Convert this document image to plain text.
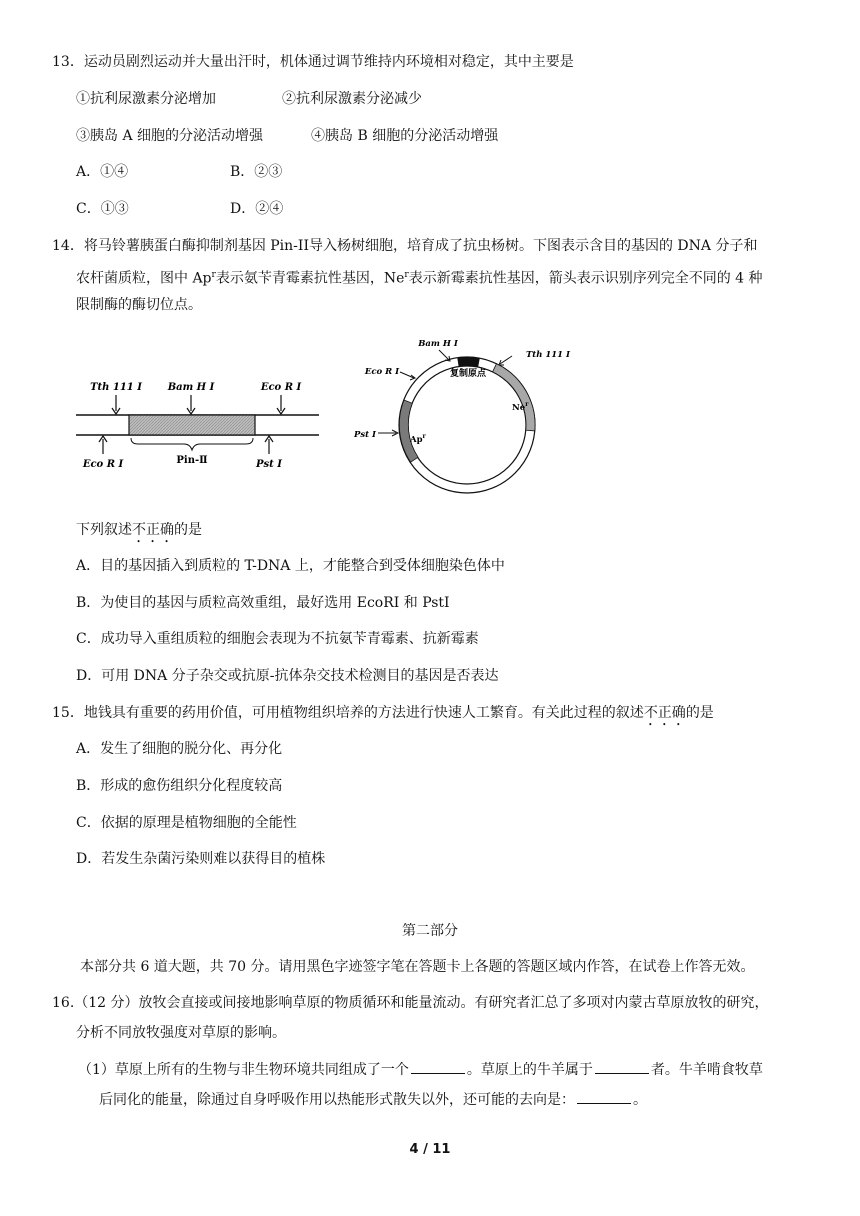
13．运动员剧烈运动并大量出汗时，机体通过调节维持内环境相对稳定，其中主要是
①抗利尿激素分泌增加	②抗利尿激素分泌减少
③胰岛 A 细胞的分泌活动增强	④胰岛 B 细胞的分泌活动增强
A．①④	B．②③
C．①③	D．②④
14．将马铃薯胰蛋白酶抑制剂基因 Pin-II导入杨树细胞，培育成了抗虫杨树。下图表示含目的基因的 DNA 分子和
农杆菌质粒，图中 Ap$^r$表示氨苄青霉素抗性基因，Ne$^r$表示新霉素抗性基因，箭头表示识别序列完全不同的 4 种
限制酶的酶切位点。
Tth 111 Ⅰ	Bam H Ⅰ	Eco R Ⅰ
Eco R Ⅰ	Pin-Ⅱ	Pst Ⅰ
Bam H Ⅰ
Eco R Ⅰ
Tth 111 Ⅰ
Pst Ⅰ
复制原点
Ne$^r$
Ap$^r$
下列叙述不正确的是
A．目的基因插入到质粒的 T-DNA 上，才能整合到受体细胞染色体中
B．为使目的基因与质粒高效重组，最好选用 EcoRI 和 PstI
C．成功导入重组质粒的细胞会表现为不抗氨苄青霉素、抗新霉素
D．可用 DNA 分子杂交或抗原-抗体杂交技术检测目的基因是否表达
15．地钱具有重要的药用价值，可用植物组织培养的方法进行快速人工繁育。有关此过程的叙述不正确的是
A．发生了细胞的脱分化、再分化
B．形成的愈伤组织分化程度较高
C．依据的原理是植物细胞的全能性
D．若发生杂菌污染则难以获得目的植株
第二部分
本部分共 6 道大题，共 70 分。请用黑色字迹签字笔在答题卡上各题的答题区域内作答，在试卷上作答无效。
16.（12 分）放牧会直接或间接地影响草原的物质循环和能量流动。有研究者汇总了多项对内蒙古草原放牧的研究，
分析不同放牧强度对草原的影响。
（1）草原上所有的生物与非生物环境共同组成了一个	。草原上的牛羊属于	者。牛羊啃食牧草
后同化的能量，除通过自身呼吸作用以热能形式散失以外，还可能的去向是：	。
4 / 11
